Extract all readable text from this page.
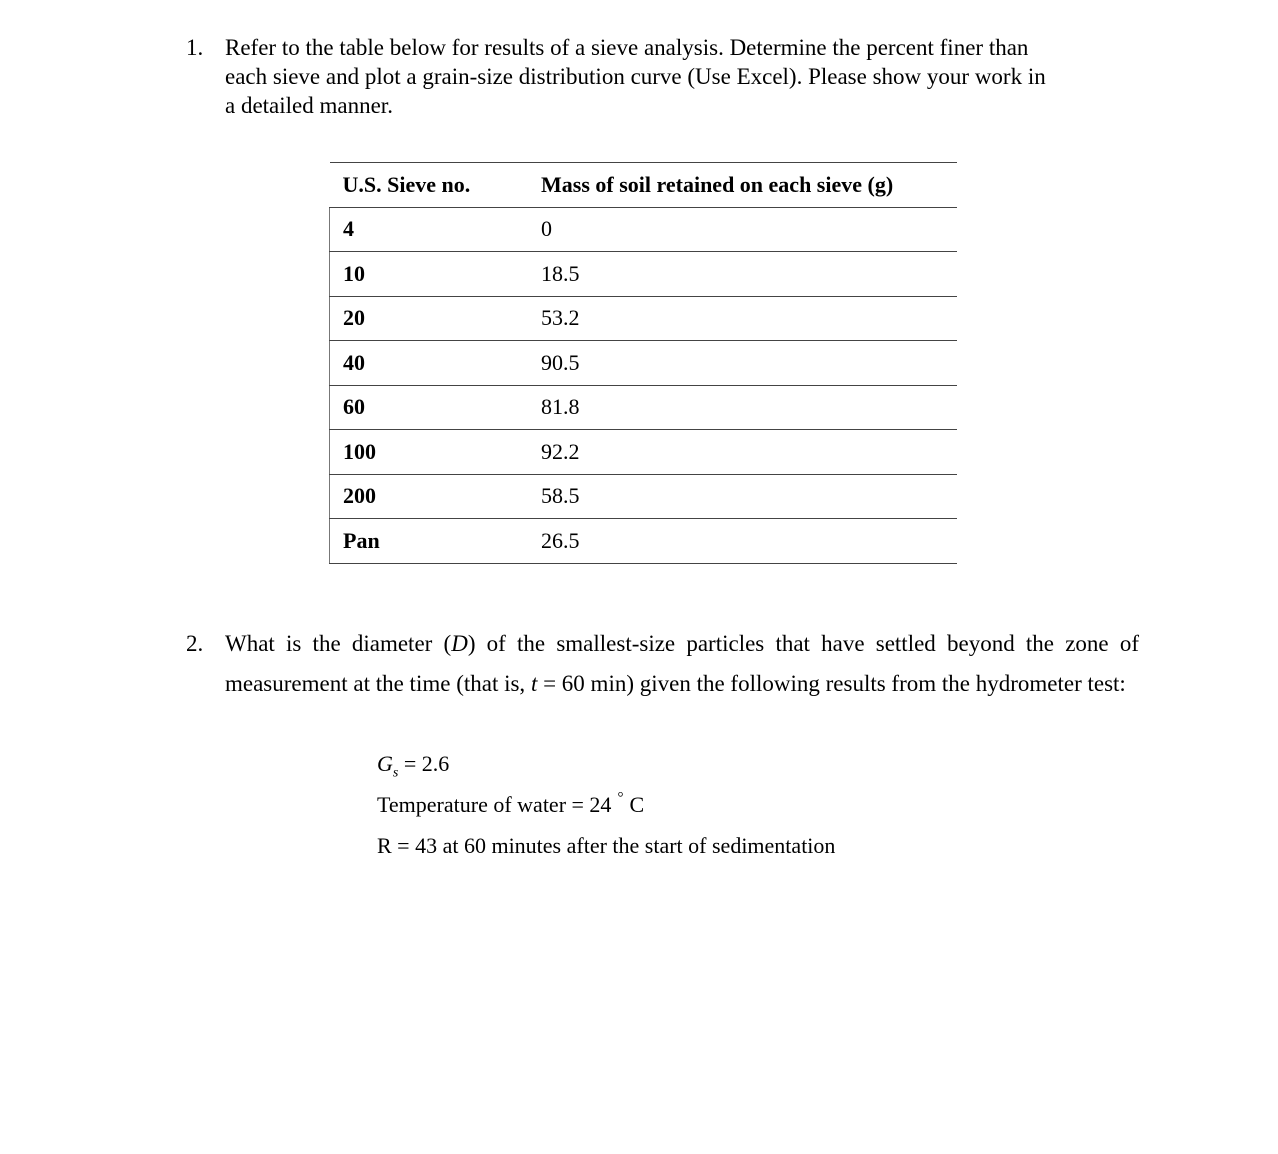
1. Refer to the table below for results of a sieve analysis. Determine the percent finer than
each sieve and plot a grain-size distribution curve (Use Excel). Please show your work in
a detailed manner.
U.S. Sieve no.	Mass of soil retained on each sieve (g)
4	0
10	18.5
20	53.2
40	90.5
60	81.8
100	92.2
200	58.5
Pan	26.5
2. What is the diameter (D) of the smallest-size particles that have settled beyond the zone of
measurement at the time (that is, t = 60 min) given the following results from the hydrometer test:
$G_s = 2.6$
Temperature of water = 24 ° C
R = 43 at 60 minutes after the start of sedimentation
